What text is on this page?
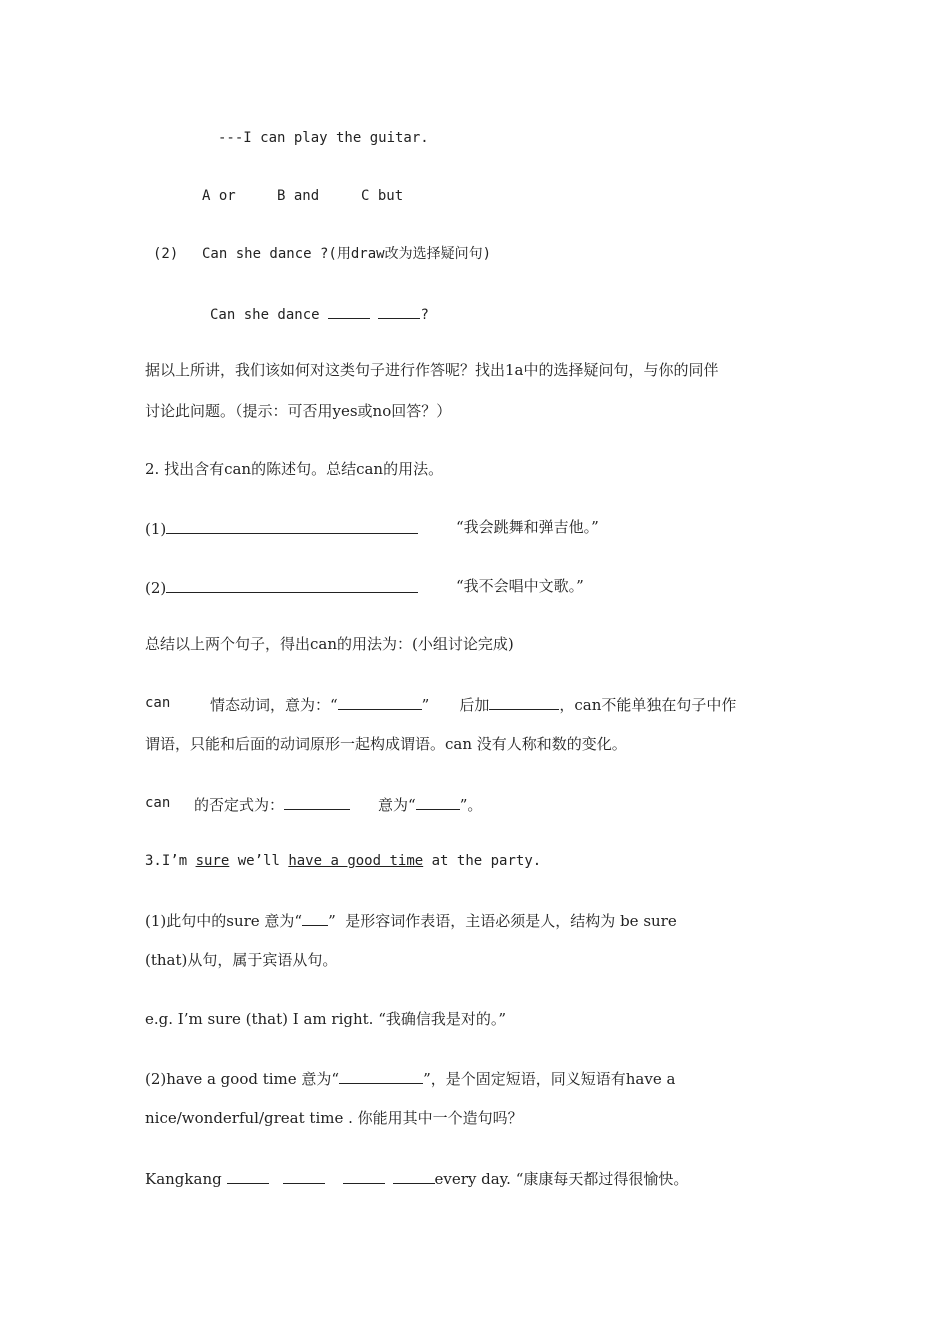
---I can play the guitar.
A or	B and	C but
(2) Can she dance ?(用draw改为选择疑问句)
Can she dance	?
据以上所讲，我们该如何对这类句子进行作答呢？找出1a中的选择疑问句，与你的同伴
讨论此问题。（提示：可否用yes或no回答？）
2. 找出含有can的陈述句。总结can的用法。
(1)	“我会跳舞和弹吉他。”
(2)	“我不会唱中文歌。”
总结以上两个句子，得出can的用法为：(小组讨论完成)
can	情态动词，意为：“	” 后加	，can不能单独在句子中作
谓语，只能和后面的动词原形一起构成谓语。can 没有人称和数的变化。
can 的否定式为：	意为“	”。
3.I’m sure we’ll have a good time at the party.
(1)此句中的sure 意为“ ”  是形容词作表语，主语必须是人，结构为 be sure
(that)从句，属于宾语从句。
e.g. I’m sure (that) I am right. “我确信我是对的。”
(2)have a good time 意为“	”，是个固定短语，同义短语有have a
nice/wonderful/great time . 你能用其中一个造句吗？
Kangkang	every day. “康康每天都过得很愉快。
